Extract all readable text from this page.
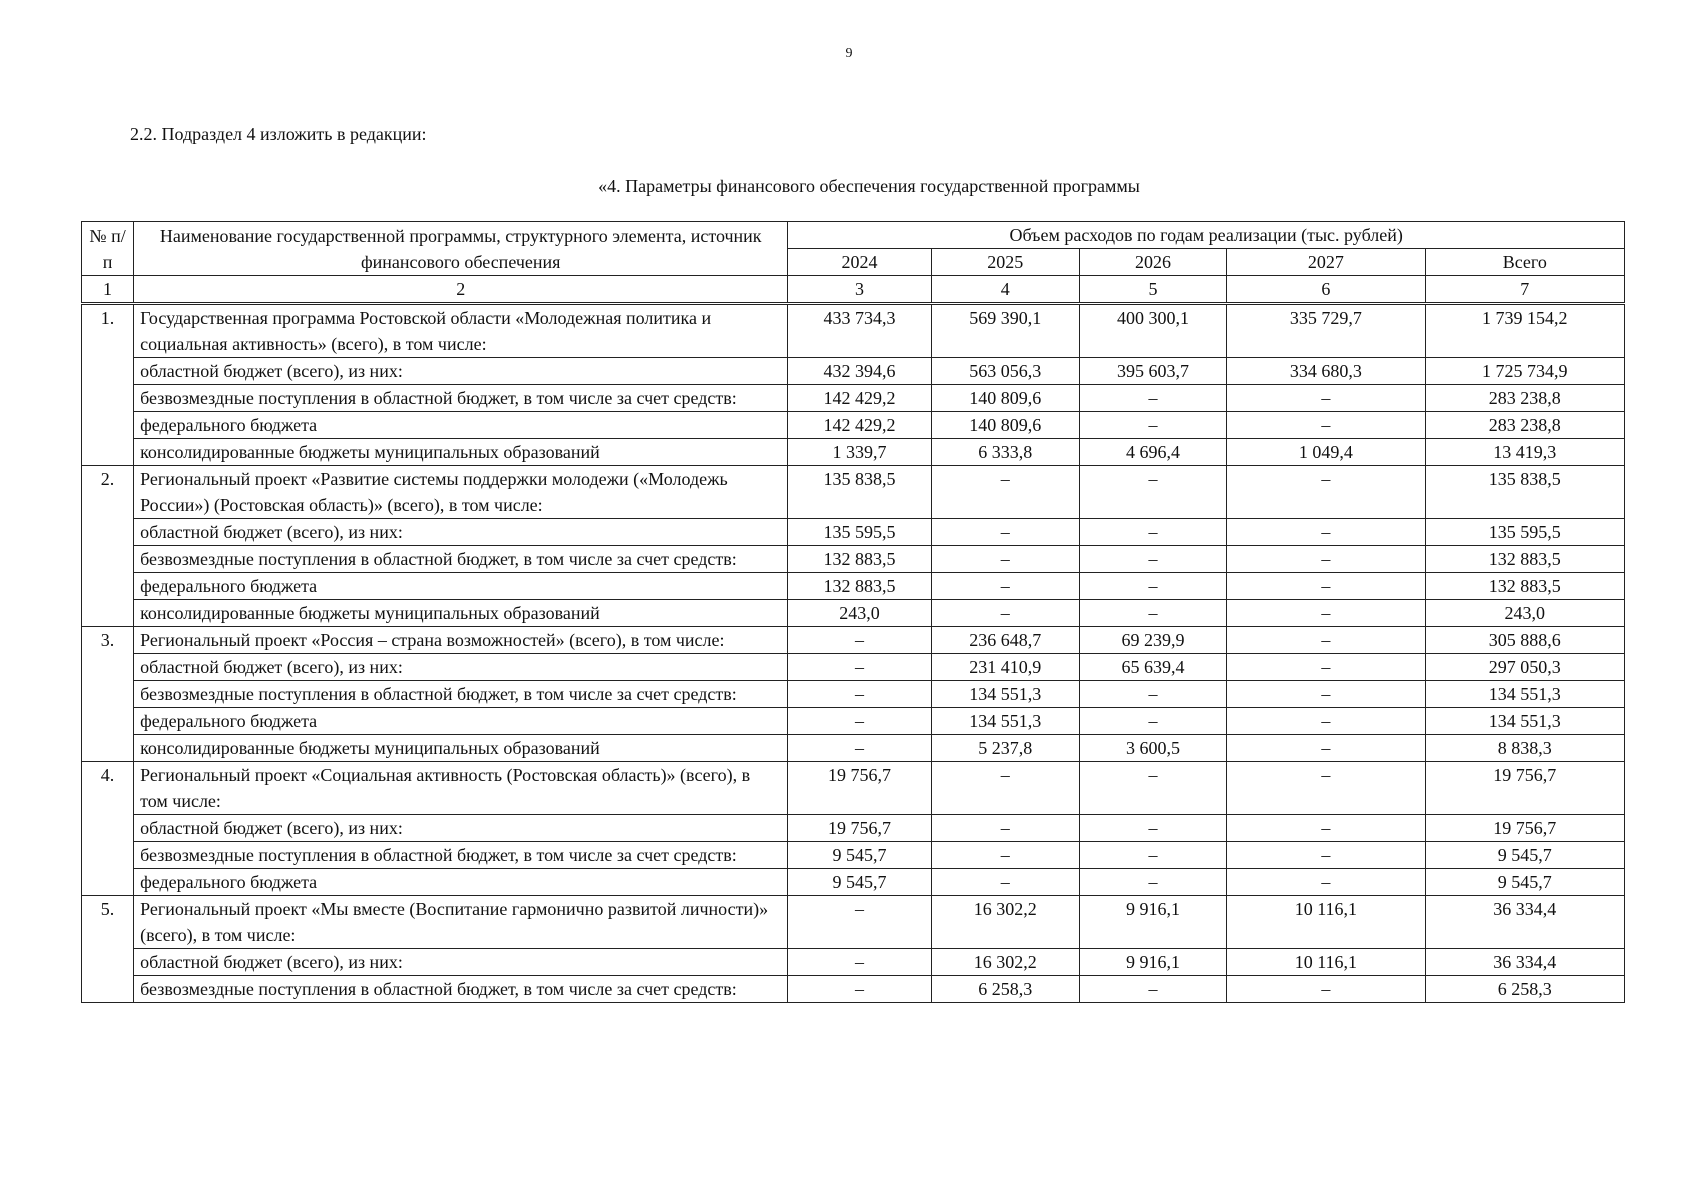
9
2.2. Подраздел 4 изложить в редакции:
«4. Параметры финансового обеспечения государственной программы
№ п/п	Наименование государственной программы, структурного элемента, источник финансового обеспечения	Объем расходов по годам реализации (тыс. рублей)				
		2024	2025	2026	2027	Всего
1	2	3	4	5	6	7
1.	Государственная программа Ростовской области «Молодежная политика и социальная активность» (всего), в том числе:	433 734,3	569 390,1	400 300,1	335 729,7	1 739 154,2
	областной бюджет (всего), из них:	432 394,6	563 056,3	395 603,7	334 680,3	1 725 734,9
	безвозмездные поступления в областной бюджет, в том числе за счет средств:	142 429,2	140 809,6	–	–	283 238,8
	федерального бюджета	142 429,2	140 809,6	–	–	283 238,8
	консолидированные бюджеты муниципальных образований	1 339,7	6 333,8	4 696,4	1 049,4	13 419,3
2.	Региональный проект «Развитие системы поддержки молодежи («Молодежь России») (Ростовская область)» (всего), в том числе:	135 838,5	–	–	–	135 838,5
	областной бюджет (всего), из них:	135 595,5	–	–	–	135 595,5
	безвозмездные поступления в областной бюджет, в том числе за счет средств:	132 883,5	–	–	–	132 883,5
	федерального бюджета	132 883,5	–	–	–	132 883,5
	консолидированные бюджеты муниципальных образований	243,0	–	–	–	243,0
3.	Региональный проект «Россия – страна возможностей» (всего), в том числе:	–	236 648,7	69 239,9	–	305 888,6
	областной бюджет (всего), из них:	–	231 410,9	65 639,4	–	297 050,3
	безвозмездные поступления в областной бюджет, в том числе за счет средств:	–	134 551,3	–	–	134 551,3
	федерального бюджета	–	134 551,3	–	–	134 551,3
	консолидированные бюджеты муниципальных образований	–	5 237,8	3 600,5	–	8 838,3
4.	Региональный проект «Социальная активность (Ростовская область)» (всего), в том числе:	19 756,7	–	–	–	19 756,7
	областной бюджет (всего), из них:	19 756,7	–	–	–	19 756,7
	безвозмездные поступления в областной бюджет, в том числе за счет средств:	9 545,7	–	–	–	9 545,7
	федерального бюджета	9 545,7	–	–	–	9 545,7
5.	Региональный проект «Мы вместе (Воспитание гармонично развитой личности)» (всего), в том числе:	–	16 302,2	9 916,1	10 116,1	36 334,4
	областной бюджет (всего), из них:	–	16 302,2	9 916,1	10 116,1	36 334,4
	безвозмездные поступления в областной бюджет, в том числе за счет средств:	–	6 258,3	–	–	6 258,3
